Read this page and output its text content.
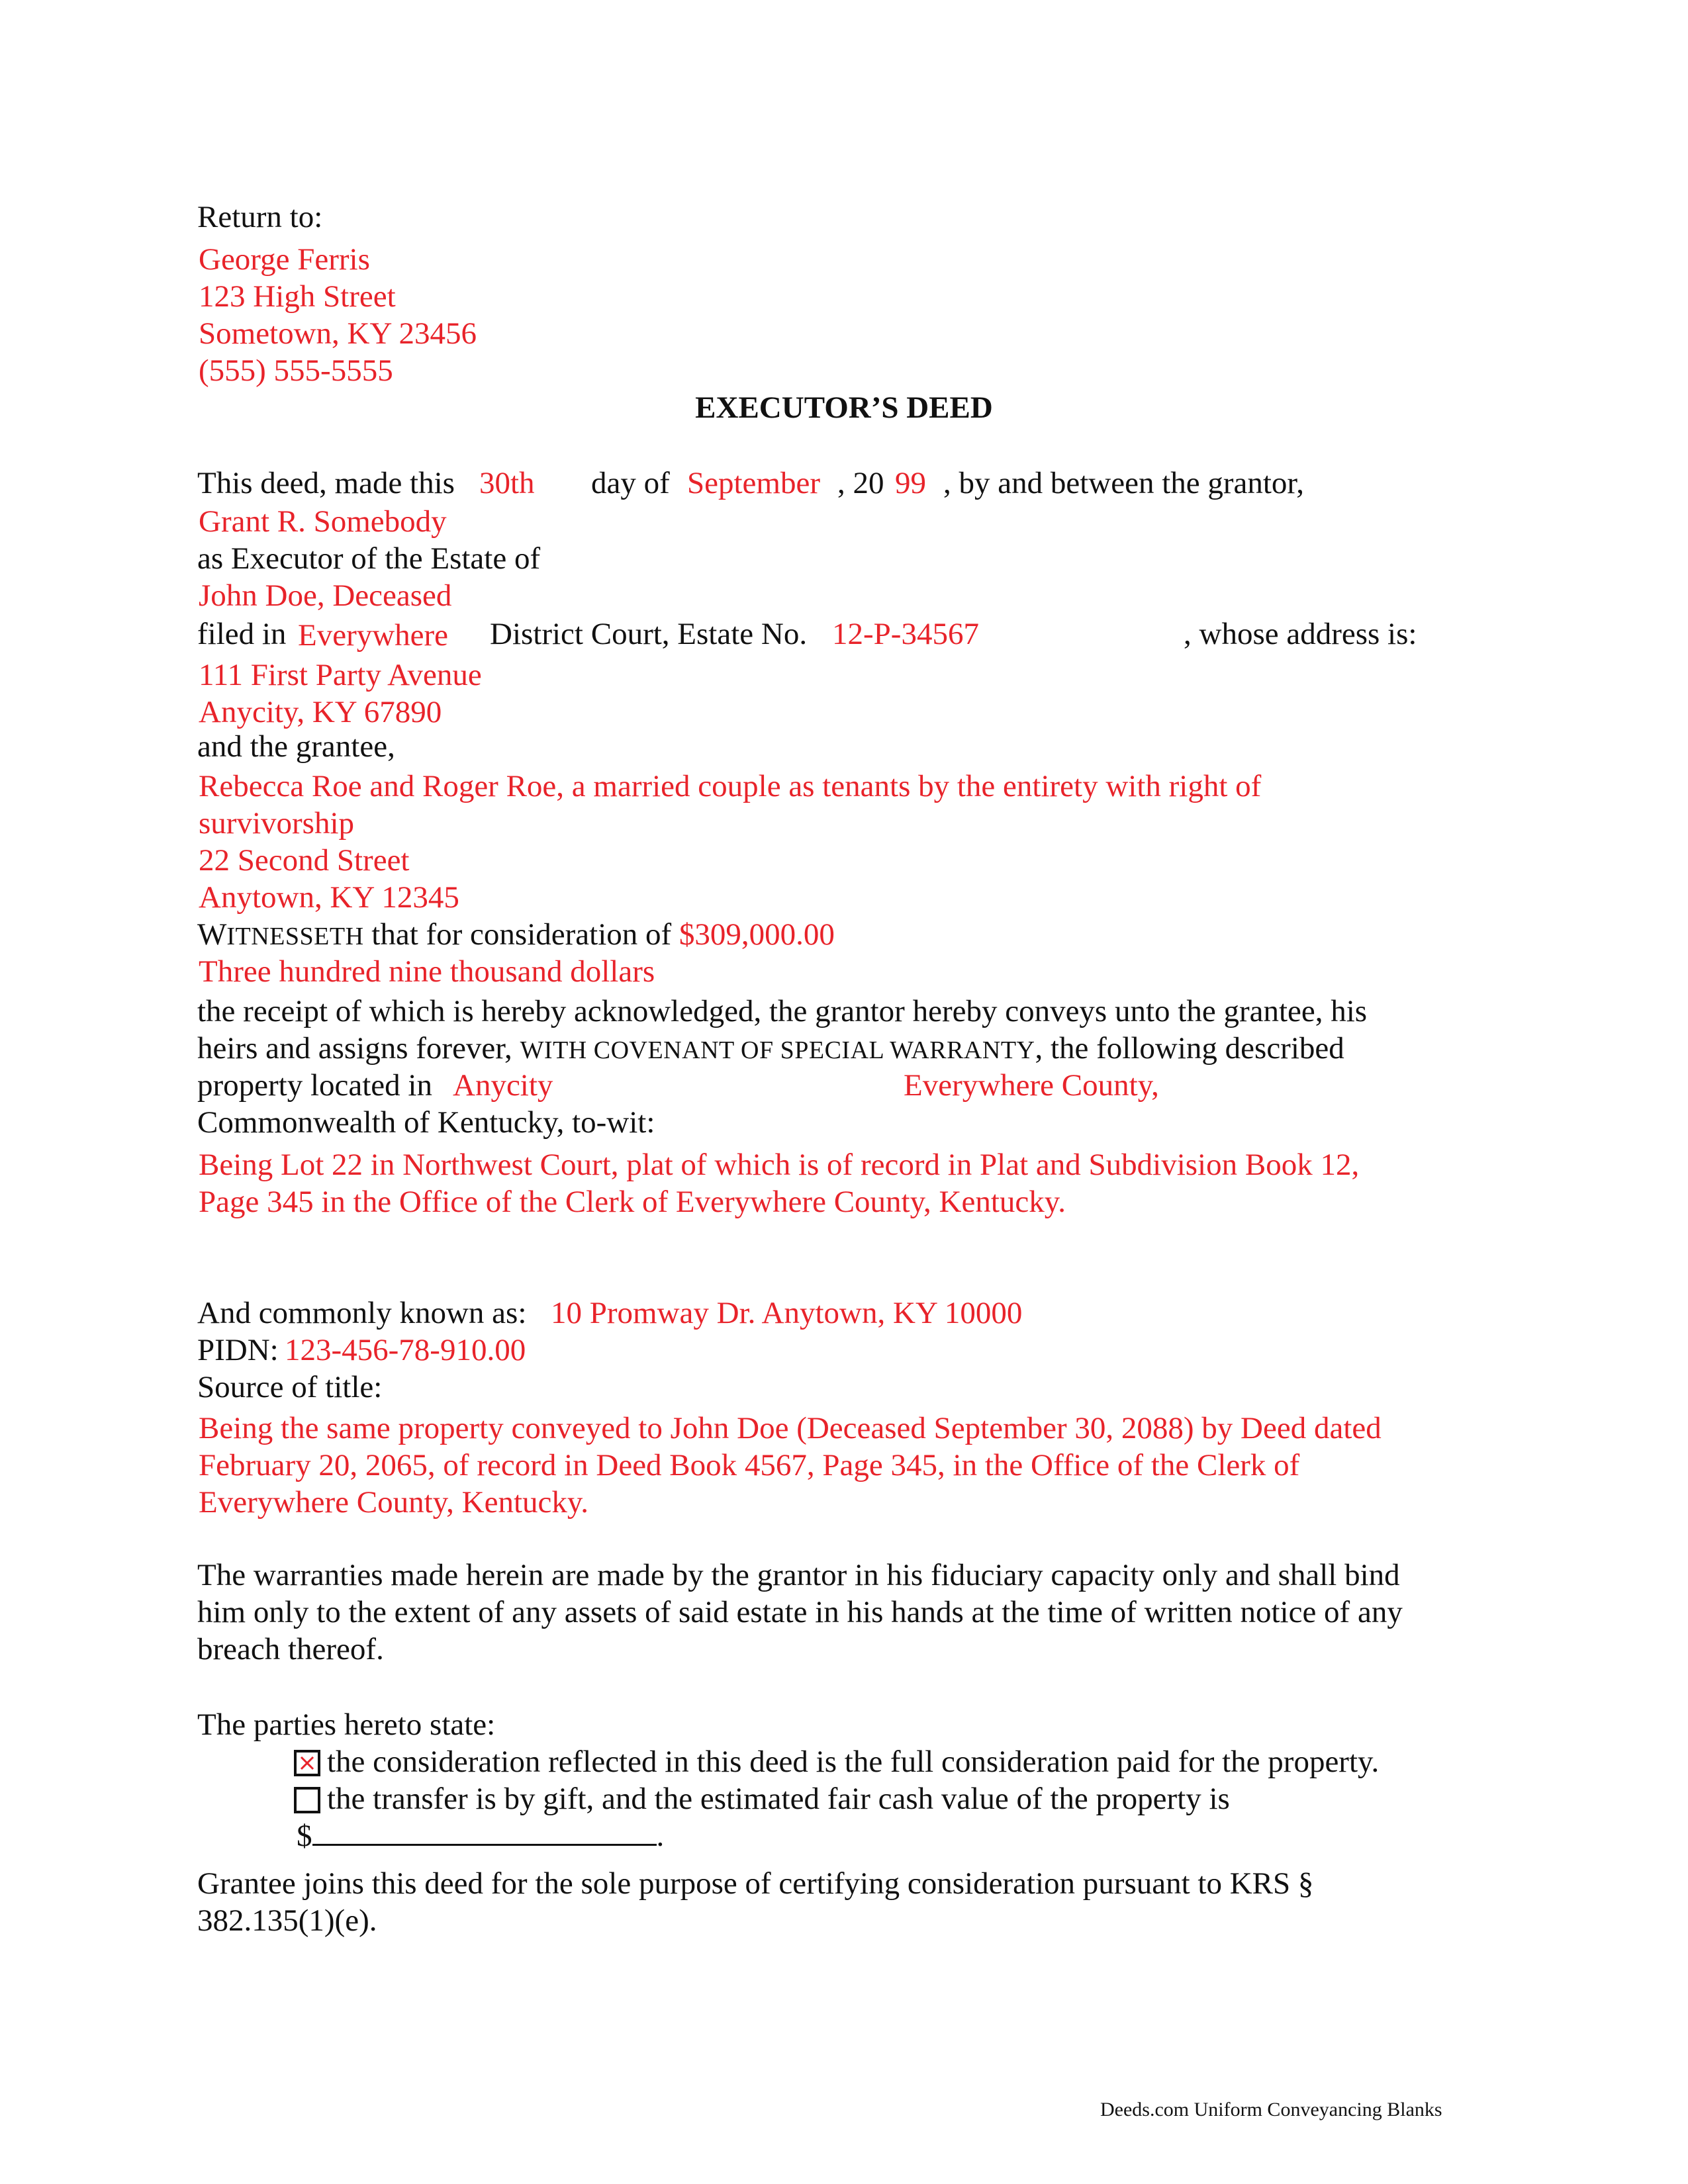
Return to:
George Ferris
123 High Street
Sometown, KY 23456
(555) 555-5555
EXECUTOR’S DEED
This deed, made this 30th day of September , 20 99 , by and between the grantor,
Grant R. Somebody
as Executor of the Estate of
John Doe, Deceased
filed in Everywhere District Court, Estate No. 12-P-34567	, whose address is:
111 First Party Avenue
Anycity, KY 67890
and the grantee,
Rebecca Roe and Roger Roe, a married couple as tenants by the entirety with right of
survivorship
22 Second Street
Anytown, KY 12345
WITNESSETH that for consideration of $309,000.00
Three hundred nine thousand dollars
the receipt of which is hereby acknowledged, the grantor hereby conveys unto the grantee, his
heirs and assigns forever, WITH COVENANT OF SPECIAL WARRANTY, the following described
property located in Anycity	Everywhere County,
Commonwealth of Kentucky, to-wit:
Being Lot 22 in Northwest Court, plat of which is of record in Plat and Subdivision Book 12,
Page 345 in the Office of the Clerk of Everywhere County, Kentucky.
And commonly known as: 10 Promway Dr. Anytown, KY 10000
PIDN: 123-456-78-910.00
Source of title:
Being the same property conveyed to John Doe (Deceased September 30, 2088) by Deed dated
February 20, 2065, of record in Deed Book 4567, Page 345, in the Office of the Clerk of
Everywhere County, Kentucky.
The warranties made herein are made by the grantor in his fiduciary capacity only and shall bind
him only to the extent of any assets of said estate in his hands at the time of written notice of any
breach thereof.
The parties hereto state:
the consideration reflected in this deed is the full consideration paid for the property.
the transfer is by gift, and the estimated fair cash value of the property is
$	.
Grantee joins this deed for the sole purpose of certifying consideration pursuant to KRS §
382.135(1)(e).
Deeds.com Uniform Conveyancing Blanks
